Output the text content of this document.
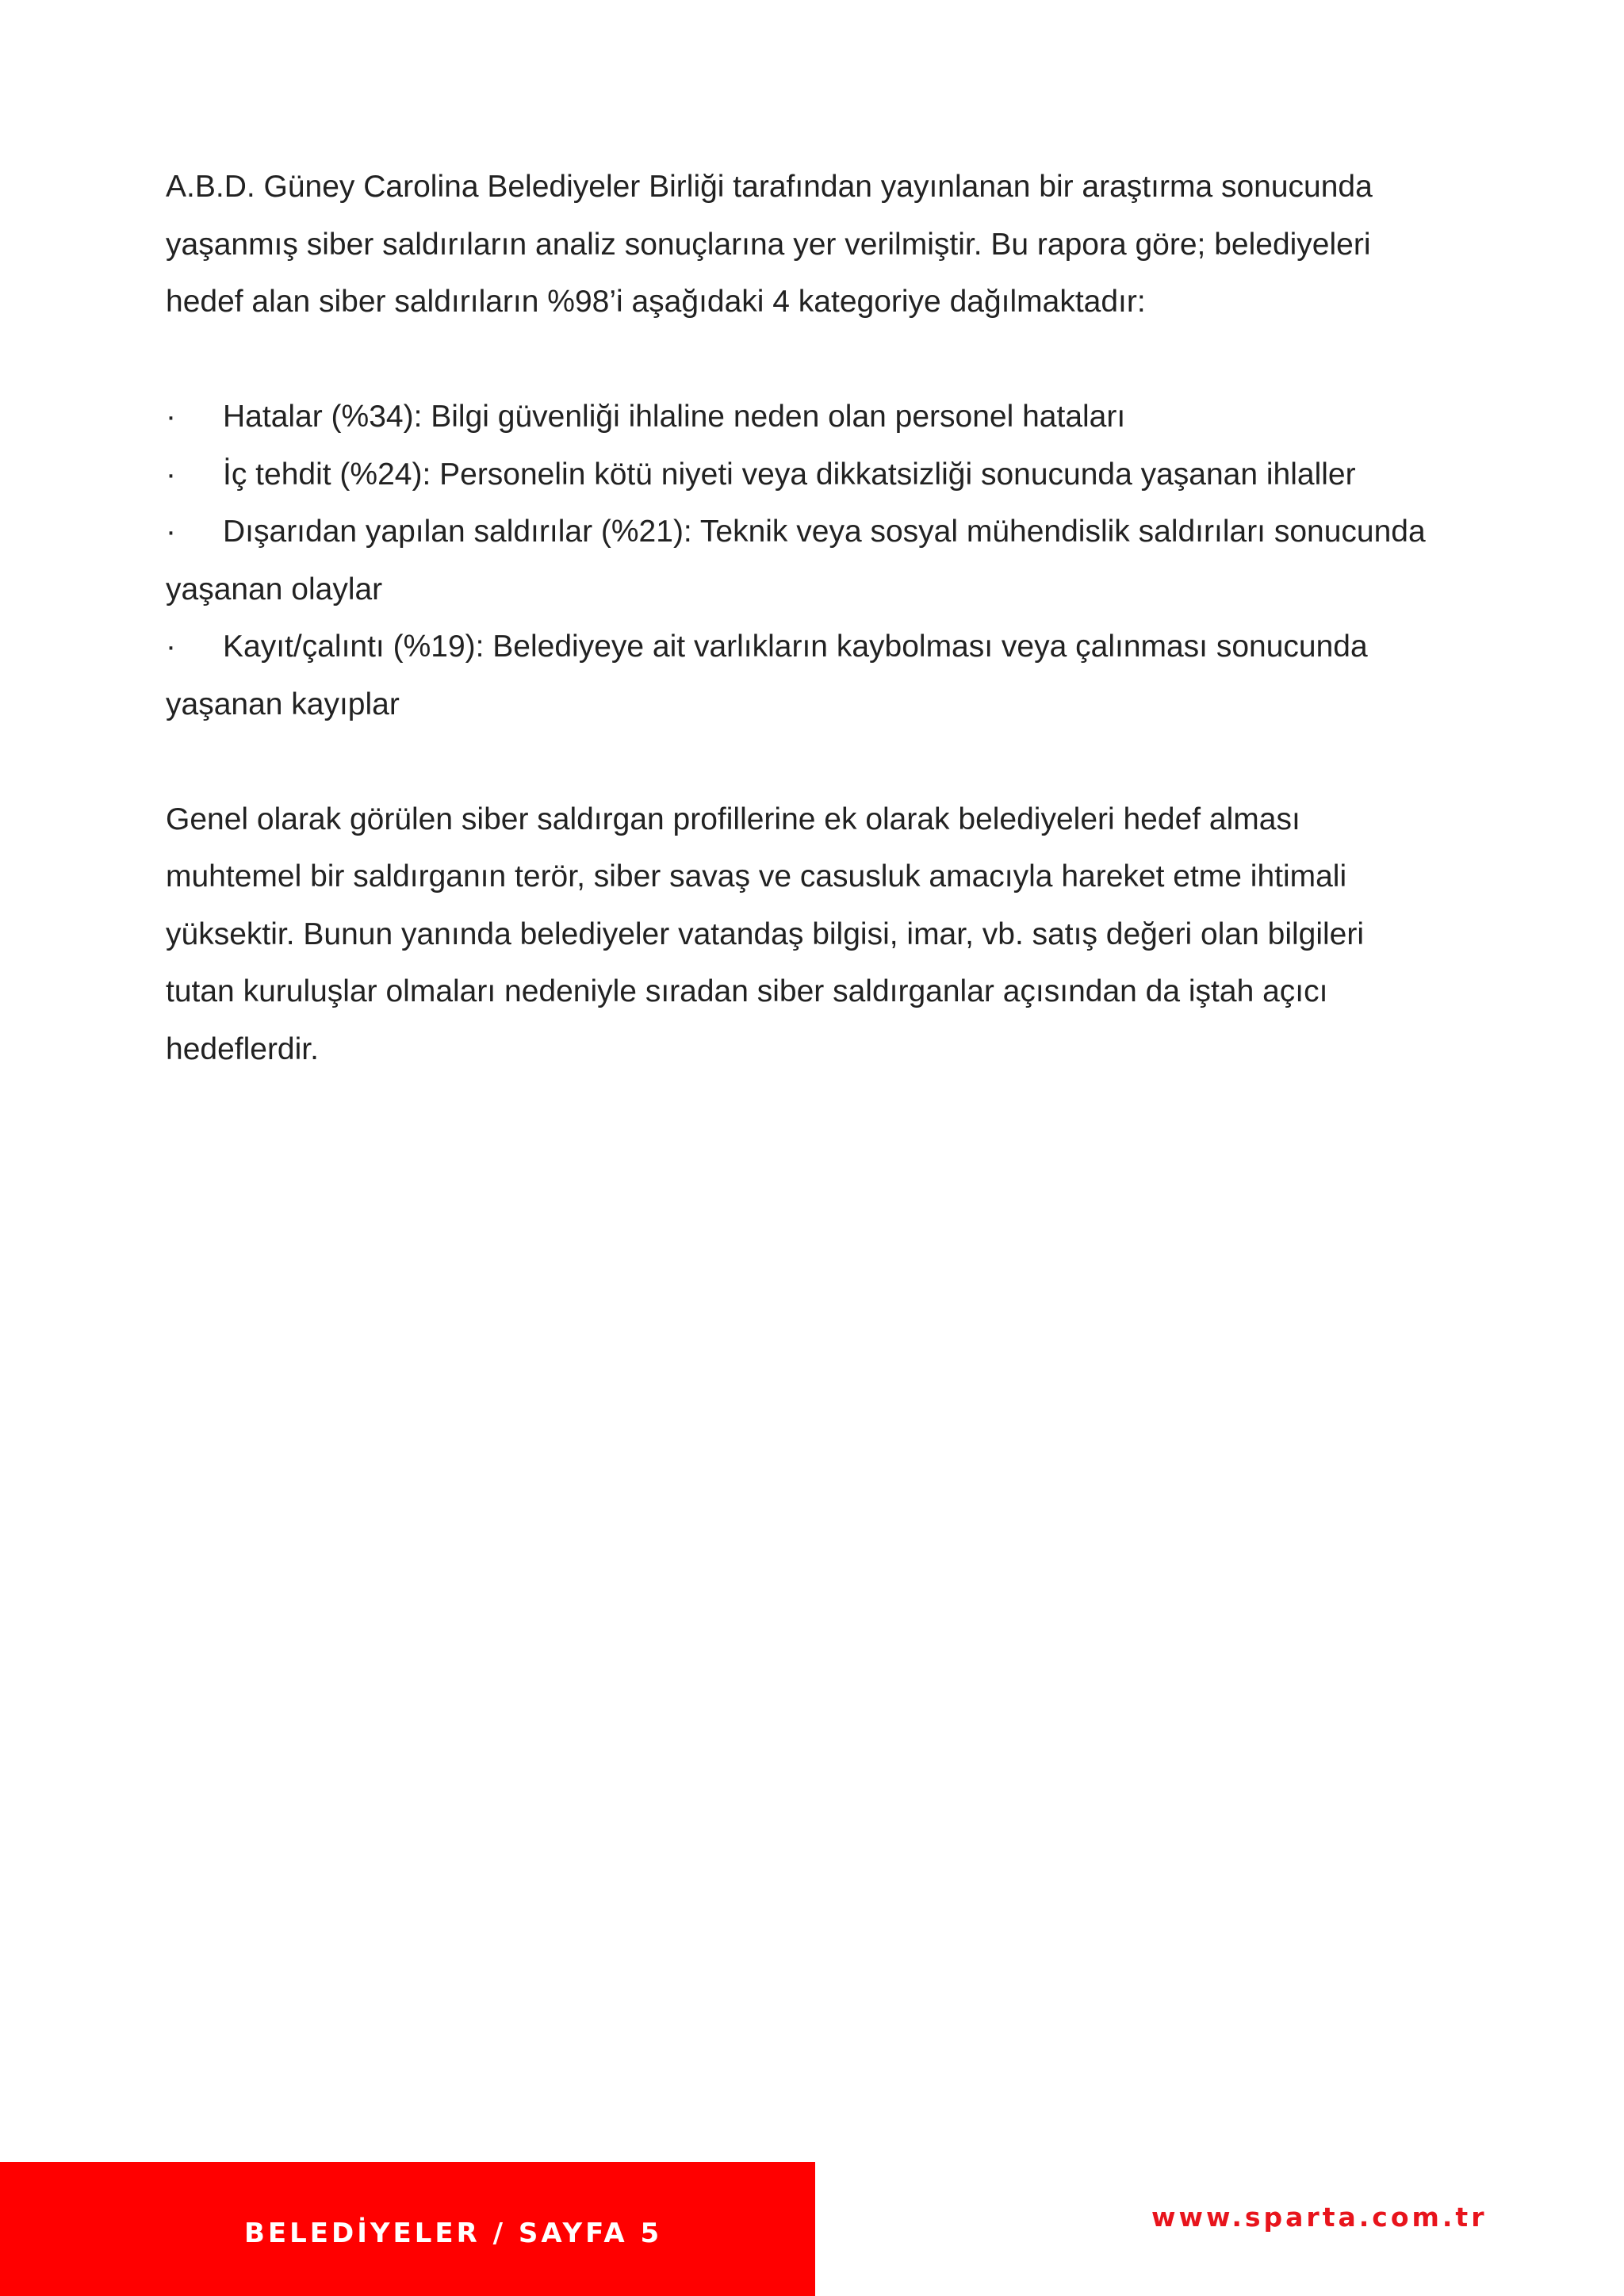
A.B.D. Güney Carolina Belediyeler Birliği tarafından yayınlanan bir araştırma sonucunda
yaşanmış siber saldırıların analiz sonuçlarına yer verilmiştir. Bu rapora göre; belediyeleri
hedef alan siber saldırıların %98’i aşağıdaki 4 kategoriye dağılmaktadır:

· Hatalar (%34): Bilgi güvenliği ihlaline neden olan personel hataları
· İç tehdit (%24): Personelin kötü niyeti veya dikkatsizliği sonucunda yaşanan ihlaller
· Dışarıdan yapılan saldırılar (%21): Teknik veya sosyal mühendislik saldırıları sonucunda
yaşanan olaylar
· Kayıt/çalıntı (%19): Belediyeye ait varlıkların kaybolması veya çalınması sonucunda
yaşanan kayıplar

Genel olarak görülen siber saldırgan profillerine ek olarak belediyeleri hedef alması
muhtemel bir saldırganın terör, siber savaş ve casusluk amacıyla hareket etme ihtimali
yüksektir. Bunun yanında belediyeler vatandaş bilgisi, imar, vb. satış değeri olan bilgileri
tutan kuruluşlar olmaları nedeniyle sıradan siber saldırganlar açısından da iştah açıcı
hedeflerdir.

BELEDİYELER / SAYFA 5
www.sparta.com.tr
